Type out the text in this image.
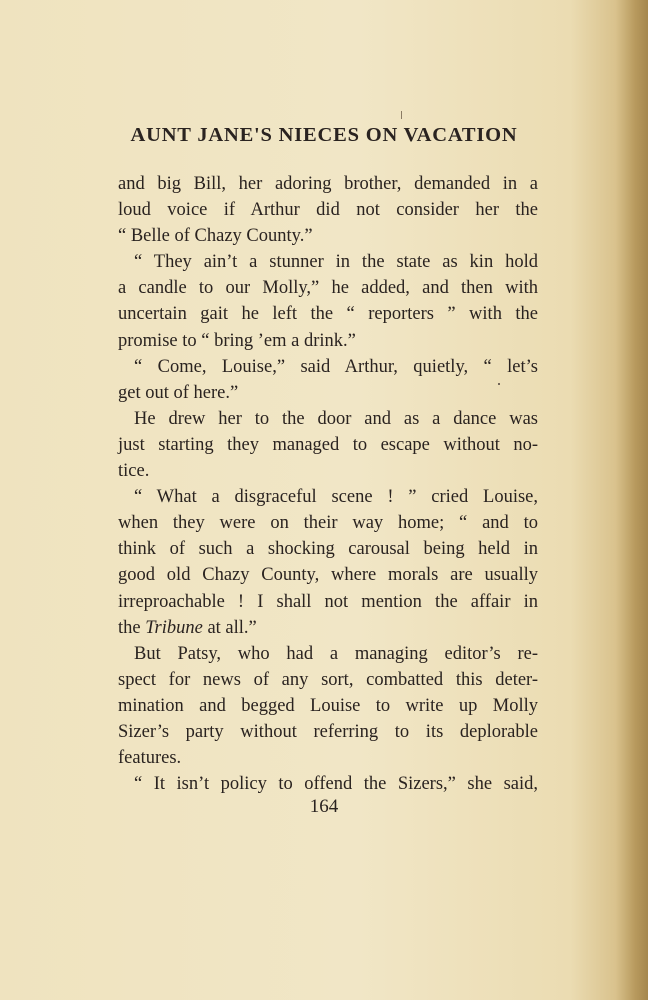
AUNT JANE'S NIECES ON VACATION

and big Bill, her adoring brother, demanded in a
loud voice if Arthur did not consider her the
“ Belle of Chazy County.”

“ They ain’t a stunner in the state as kin hold
a candle to our Molly,” he added, and then with
uncertain gait he left the “ reporters ” with the
promise to “ bring ’em a drink.”

“ Come, Louise,” said Arthur, quietly, “ let’s
get out of here.”

He drew her to the door and as a dance was
just starting they managed to escape without no-
tice.

“ What a disgraceful scene ! ” cried Louise,
when they were on their way home; “ and to
think of such a shocking carousal being held in
good old Chazy County, where morals are usually
irreproachable ! I shall not mention the affair in
the Tribune at all.”

But Patsy, who had a managing editor’s re-
spect for news of any sort, combatted this deter-
mination and begged Louise to write up Molly
Sizer’s party without referring to its deplorable
features.

“ It isn’t policy to offend the Sizers,” she said,

164
